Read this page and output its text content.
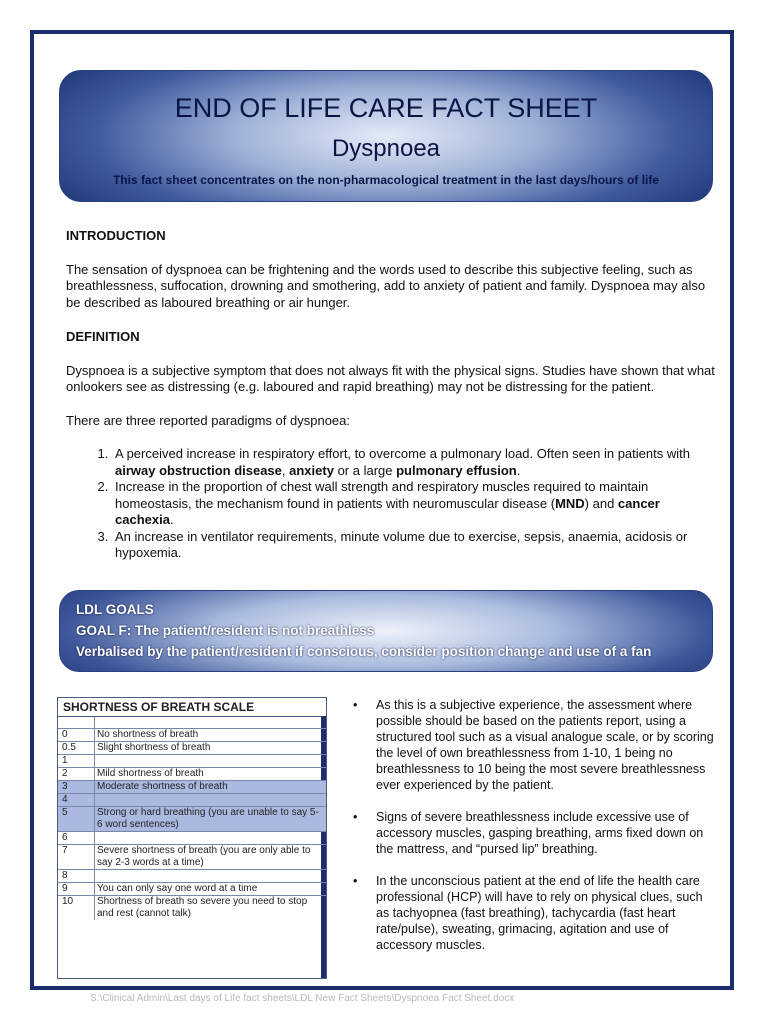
END OF LIFE CARE FACT SHEET
Dyspnoea
This fact sheet concentrates on the non-pharmacological treatment in the last days/hours of life
INTRODUCTION

The sensation of dyspnoea can be frightening and the words used to describe this subjective feeling, such as breathlessness, suffocation, drowning and smothering, add to anxiety of patient and family. Dyspnoea may also be described as laboured breathing or air hunger.

DEFINITION

Dyspnoea is a subjective symptom that does not always fit with the physical signs. Studies have shown that what onlookers see as distressing (e.g. laboured and rapid breathing) may not be distressing for the patient.

There are three reported paradigms of dyspnoea:

1. A perceived increase in respiratory effort, to overcome a pulmonary load. Often seen in patients with airway obstruction disease, anxiety or a large pulmonary effusion.
2. Increase in the proportion of chest wall strength and respiratory muscles required to maintain homeostasis, the mechanism found in patients with neuromuscular disease (MND) and cancer cachexia.
3. An increase in ventilator requirements, minute volume due to exercise, sepsis, anaemia, acidosis or hypoxemia.
LDL GOALS
GOAL F: The patient/resident is not breathless
Verbalised by the patient/resident if conscious, consider position change and use of a fan
SHORTNESS OF BREATH SCALE
0	No shortness of breath
0.5	Slight shortness of breath
1
2	Mild shortness of breath
3	Moderate shortness of breath
4
5	Strong or hard breathing (you are unable to say 5-6 word sentences)
6
7	Severe shortness of breath (you are only able to say 2-3 words at a time)
8
9	You can only say one word at a time
10	Shortness of breath so severe you need to stop and rest (cannot talk)
• As this is a subjective experience, the assessment where possible should be based on the patients report, using a structured tool such as a visual analogue scale, or by scoring the level of own breathlessness from 1-10, 1 being no breathlessness to 10 being the most severe breathlessness ever experienced by the patient.
• Signs of severe breathlessness include excessive use of accessory muscles, gasping breathing, arms fixed down on the mattress, and “pursed lip” breathing.
• In the unconscious patient at the end of life the health care professional (HCP) will have to rely on physical clues, such as tachyopnea (fast breathing), tachycardia (fast heart rate/pulse), sweating, grimacing, agitation and use of accessory muscles.
S:\Clinical Admin\Last days of Life fact sheets\LDL New Fact Sheets\Dyspnoea Fact Sheet.docx
